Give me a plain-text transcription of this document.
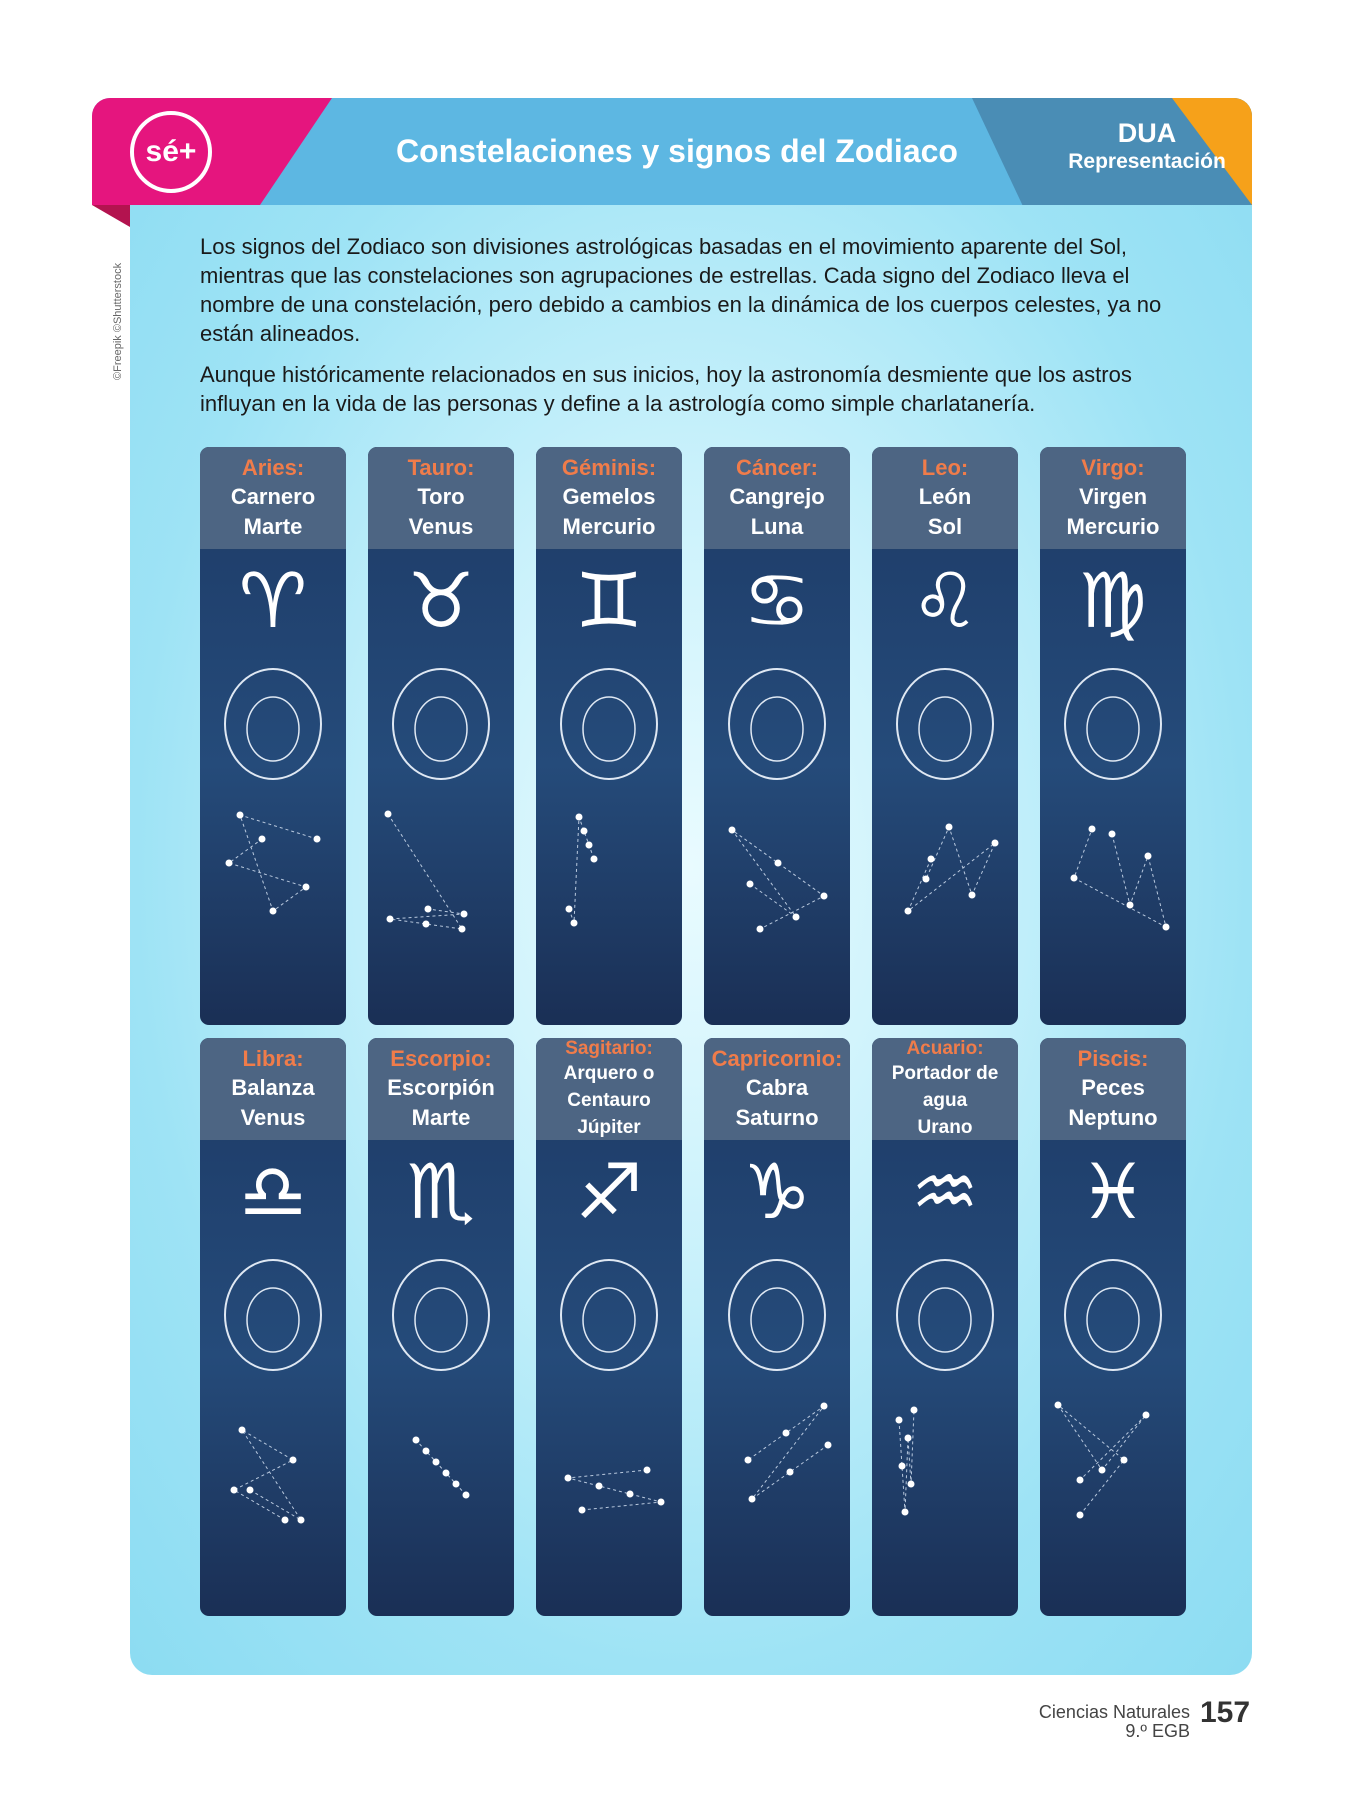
sé+	Constelaciones y signos del Zodiaco	DUA
Representación
©Freepik ©Shutterstock

Los signos del Zodiaco son divisiones astrológicas basadas en el movimiento aparente del Sol, mientras que las constelaciones son agrupaciones de estrellas. Cada signo del Zodiaco lleva el nombre de una constelación, pero debido a cambios en la dinámica de los cuerpos celestes, ya no están alineados.

Aunque históricamente relacionados en sus inicios, hoy la astronomía desmiente que los astros influyan en la vida de las personas y define a la astrología como simple charlatanería.

Aries:
Carnero
Marte
♈
Tauro:
Toro
Venus
♉
Géminis:
Gemelos
Mercurio
♊
Cáncer:
Cangrejo
Luna
♋
Leo:
León
Sol
♌
Virgo:
Virgen
Mercurio
♍
Libra:
Balanza
Venus
♎
Escorpio:
Escorpión
Marte
♏
Sagitario:
Arquero o
Centauro
Júpiter
♐
Capricornio:
Cabra
Saturno
♑
Acuario:
Portador de
agua
Urano
♒
Piscis:
Peces
Neptuno
♓
Ciencias Naturales
9.º EGB
157
